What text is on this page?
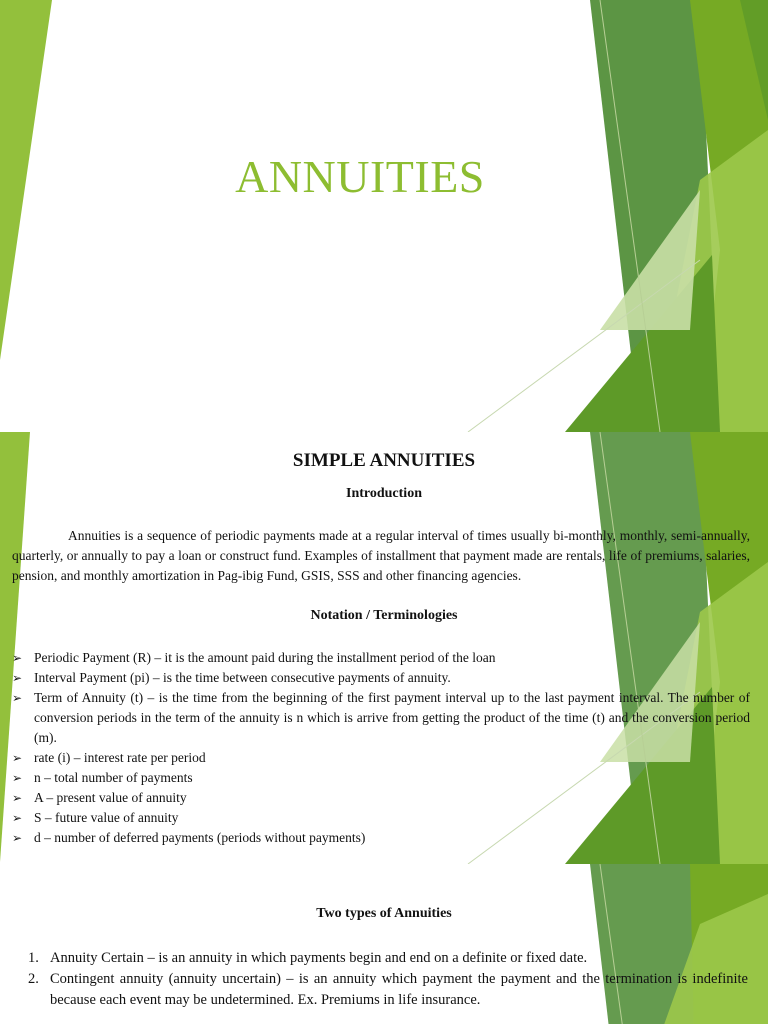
ANNUITIES
SIMPLE ANNUITIES
Introduction
Annuities is a sequence of periodic payments made at a regular interval of times usually bi-monthly, monthly, semi-annually, quarterly, or annually to pay a loan or construct fund. Examples of installment that payment made are rentals, life of premiums, salaries, pension, and monthly amortization in Pag-ibig Fund, GSIS, SSS and other financing agencies.
Notation / Terminologies
➢ Periodic Payment (R) – it is the amount paid during the installment period of the loan
➢ Interval Payment (pi) – is the time between consecutive payments of annuity.
➢ Term of Annuity (t) – is the time from the beginning of the first payment interval up to the last payment interval. The number of conversion periods in the term of the annuity is n which is arrive from getting the product of the time (t) and the conversion period (m).
➢ rate (i) – interest rate per period
➢ n – total number of payments
➢ A – present value of annuity
➢ S – future value of annuity
➢ d – number of deferred payments (periods without payments)
Two types of Annuities
1. Annuity Certain – is an annuity in which payments begin and end on a definite or fixed date.
2. Contingent annuity (annuity uncertain) – is an annuity which payment the payment and the termination is indefinite because each event may be undetermined. Ex. Premiums in life insurance.
